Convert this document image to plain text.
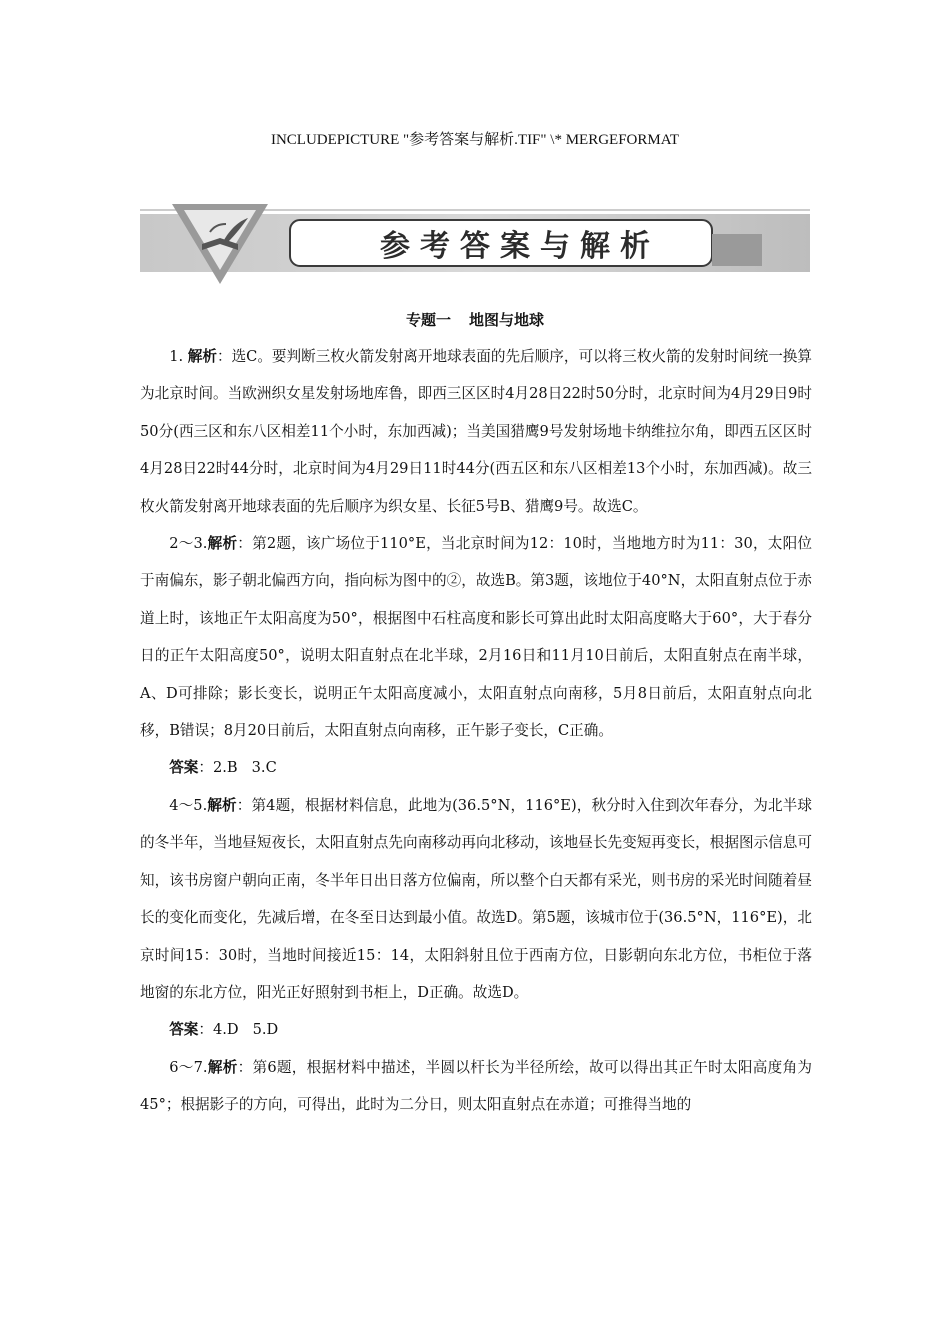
INCLUDEPICTURE "参考答案与解析.TIF" \* MERGEFORMAT
参考答案与解析
专题一 地图与地球

1. 解析：选C。要判断三枚火箭发射离开地球表面的先后顺序，可以将三枚火箭的发射时间统一换算为北京时间。当欧洲织女星发射场地库鲁，即西三区区时4月28日22时50分时，北京时间为4月29日9时50分(西三区和东八区相差11个小时，东加西减)；当美国猎鹰9号发射场地卡纳维拉尔角，即西五区区时4月28日22时44分时，北京时间为4月29日11时44分(西五区和东八区相差13个小时，东加西减)。故三枚火箭发射离开地球表面的先后顺序为织女星、长征5号B、猎鹰9号。故选C。

2～3.解析：第2题，该广场位于110°E，当北京时间为12：10时，当地地方时为11：30，太阳位于南偏东，影子朝北偏西方向，指向标为图中的②，故选B。第3题，该地位于40°N，太阳直射点位于赤道上时，该地正午太阳高度为50°，根据图中石柱高度和影长可算出此时太阳高度略大于60°，大于春分日的正午太阳高度50°，说明太阳直射点在北半球，2月16日和11月10日前后，太阳直射点在南半球，A、D可排除；影长变长，说明正午太阳高度减小，太阳直射点向南移，5月8日前后，太阳直射点向北移，B错误；8月20日前后，太阳直射点向南移，正午影子变长，C正确。

答案：2.B 3.C

4～5.解析：第4题，根据材料信息，此地为(36.5°N，116°E)，秋分时入住到次年春分，为北半球的冬半年，当地昼短夜长，太阳直射点先向南移动再向北移动，该地昼长先变短再变长，根据图示信息可知，该书房窗户朝向正南，冬半年日出日落方位偏南，所以整个白天都有采光，则书房的采光时间随着昼长的变化而变化，先减后增，在冬至日达到最小值。故选D。第5题，该城市位于(36.5°N，116°E)，北京时间15：30时，当地时间接近15：14，太阳斜射且位于西南方位，日影朝向东北方位，书柜位于落地窗的东北方位，阳光正好照射到书柜上，D正确。故选D。

答案：4.D 5.D

6～7.解析：第6题，根据材料中描述，半圆以杆长为半径所绘，故可以得出其正午时太阳高度角为45°；根据影子的方向，可得出，此时为二分日，则太阳直射点在赤道；可推得当地的
